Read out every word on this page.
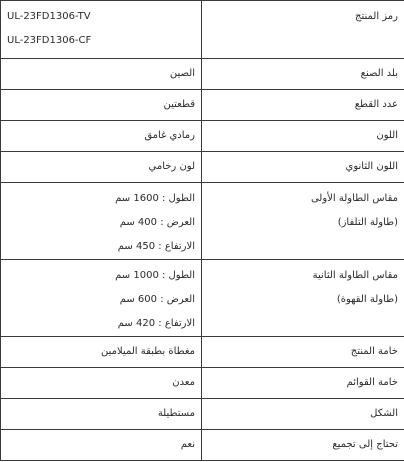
رمز المنتج	UL-23FD1306-TV
UL-23FD1306-CF

بلد الصنع	الصين

عدد القطع	قطعتين

اللون	رمادي غامق

اللون الثانوي	لون رخامي

مقاس الطاولة الأولى
(طاولة التلفاز)	الطول : 1600 سم
العرض : 400 سم
الارتفاع : 450 سم

مقاس الطاولة الثانية
(طاولة القهوة)	الطول : 1000 سم
العرض : 600 سم
الارتفاع : 420 سم

خامة المنتج	مغطاة بطبقة الميلامين

خامة القوائم	معدن

الشكل	مستطيلة

تحتاج إلى تجميع	نعم
